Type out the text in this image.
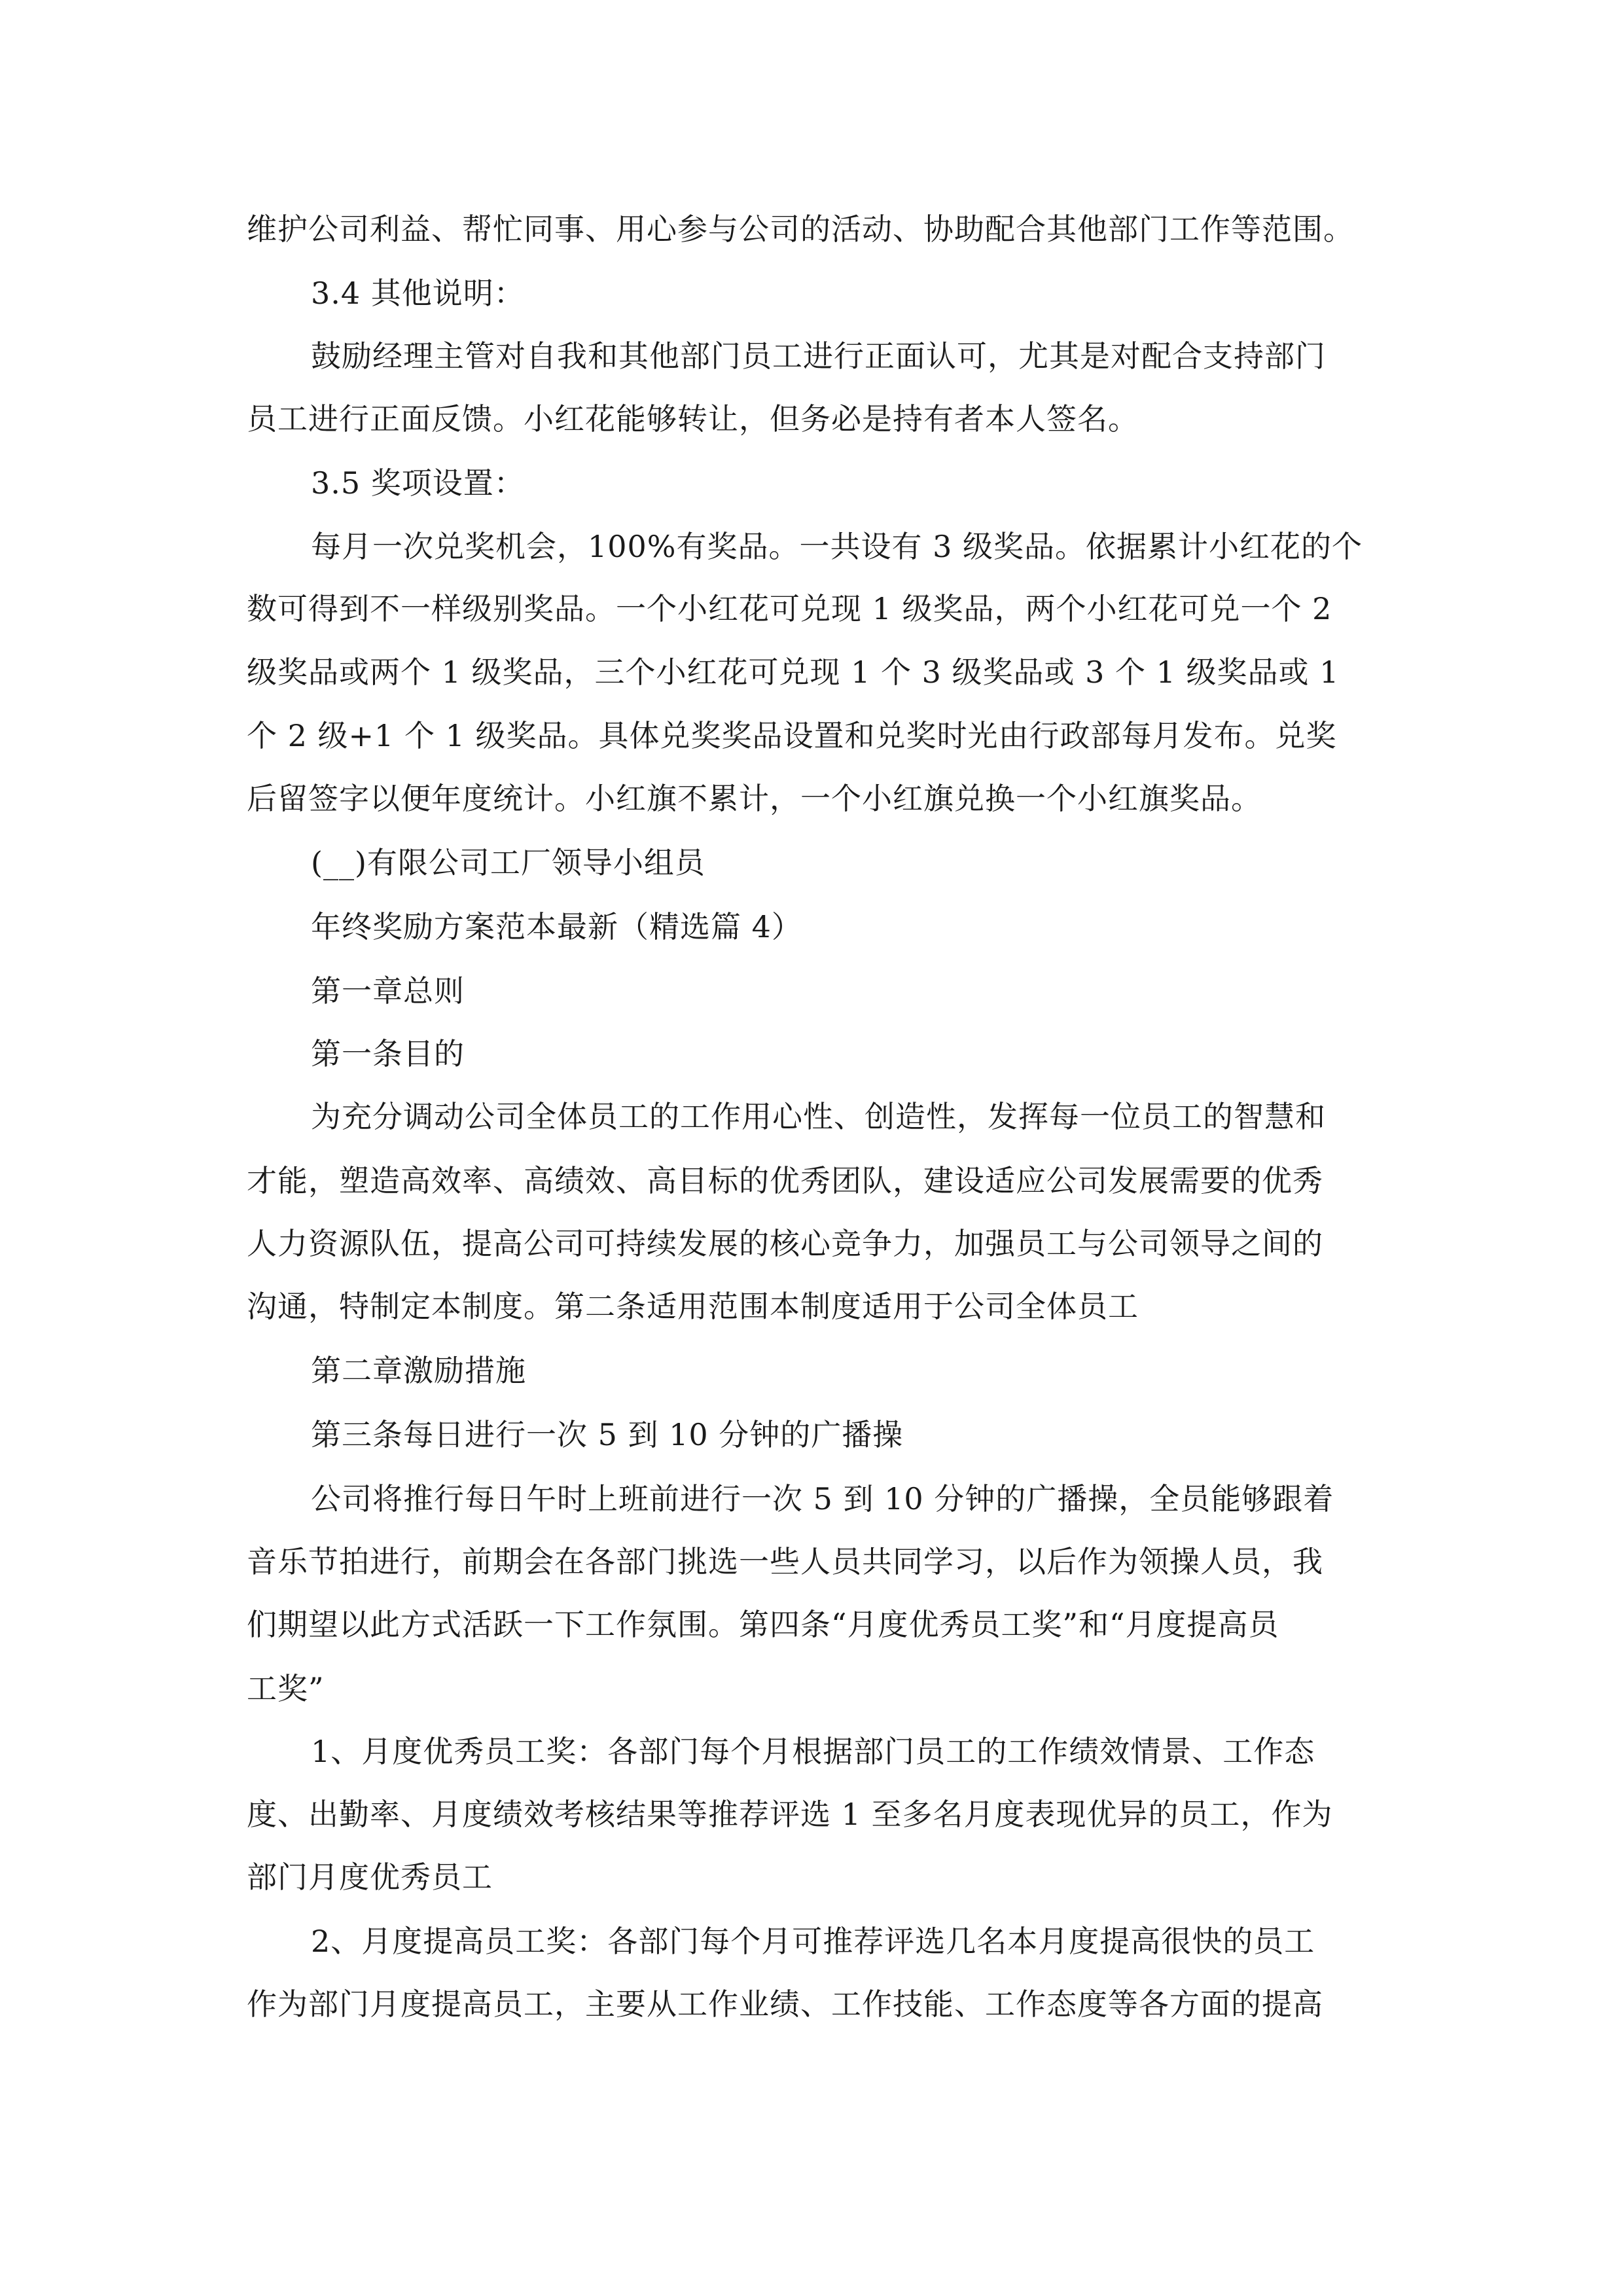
维护公司利益、帮忙同事、用心参与公司的活动、协助配合其他部门工作等范围。

3.4 其他说明：

鼓励经理主管对自我和其他部门员工进行正面认可，尤其是对配合支持部门

员工进行正面反馈。小红花能够转让，但务必是持有者本人签名。

3.5 奖项设置：

每月一次兑奖机会，100%有奖品。一共设有 3 级奖品。依据累计小红花的个

数可得到不一样级别奖品。一个小红花可兑现 1 级奖品，两个小红花可兑一个 2

级奖品或两个 1 级奖品，三个小红花可兑现 1 个 3 级奖品或 3 个 1 级奖品或 1

个 2 级+1 个 1 级奖品。具体兑奖奖品设置和兑奖时光由行政部每月发布。兑奖

后留签字以便年度统计。小红旗不累计，一个小红旗兑换一个小红旗奖品。

(__)有限公司工厂领导小组员

年终奖励方案范本最新（精选篇 4）

第一章总则

第一条目的

为充分调动公司全体员工的工作用心性、创造性，发挥每一位员工的智慧和

才能，塑造高效率、高绩效、高目标的优秀团队，建设适应公司发展需要的优秀

人力资源队伍，提高公司可持续发展的核心竞争力，加强员工与公司领导之间的

沟通，特制定本制度。第二条适用范围本制度适用于公司全体员工

第二章激励措施

第三条每日进行一次 5 到 10 分钟的广播操

公司将推行每日午时上班前进行一次 5 到 10 分钟的广播操，全员能够跟着

音乐节拍进行，前期会在各部门挑选一些人员共同学习，以后作为领操人员，我

们期望以此方式活跃一下工作氛围。第四条“月度优秀员工奖”和“月度提高员

工奖”

1、月度优秀员工奖：各部门每个月根据部门员工的工作绩效情景、工作态

度、出勤率、月度绩效考核结果等推荐评选 1 至多名月度表现优异的员工，作为

部门月度优秀员工

2、月度提高员工奖：各部门每个月可推荐评选几名本月度提高很快的员工

作为部门月度提高员工，主要从工作业绩、工作技能、工作态度等各方面的提高
